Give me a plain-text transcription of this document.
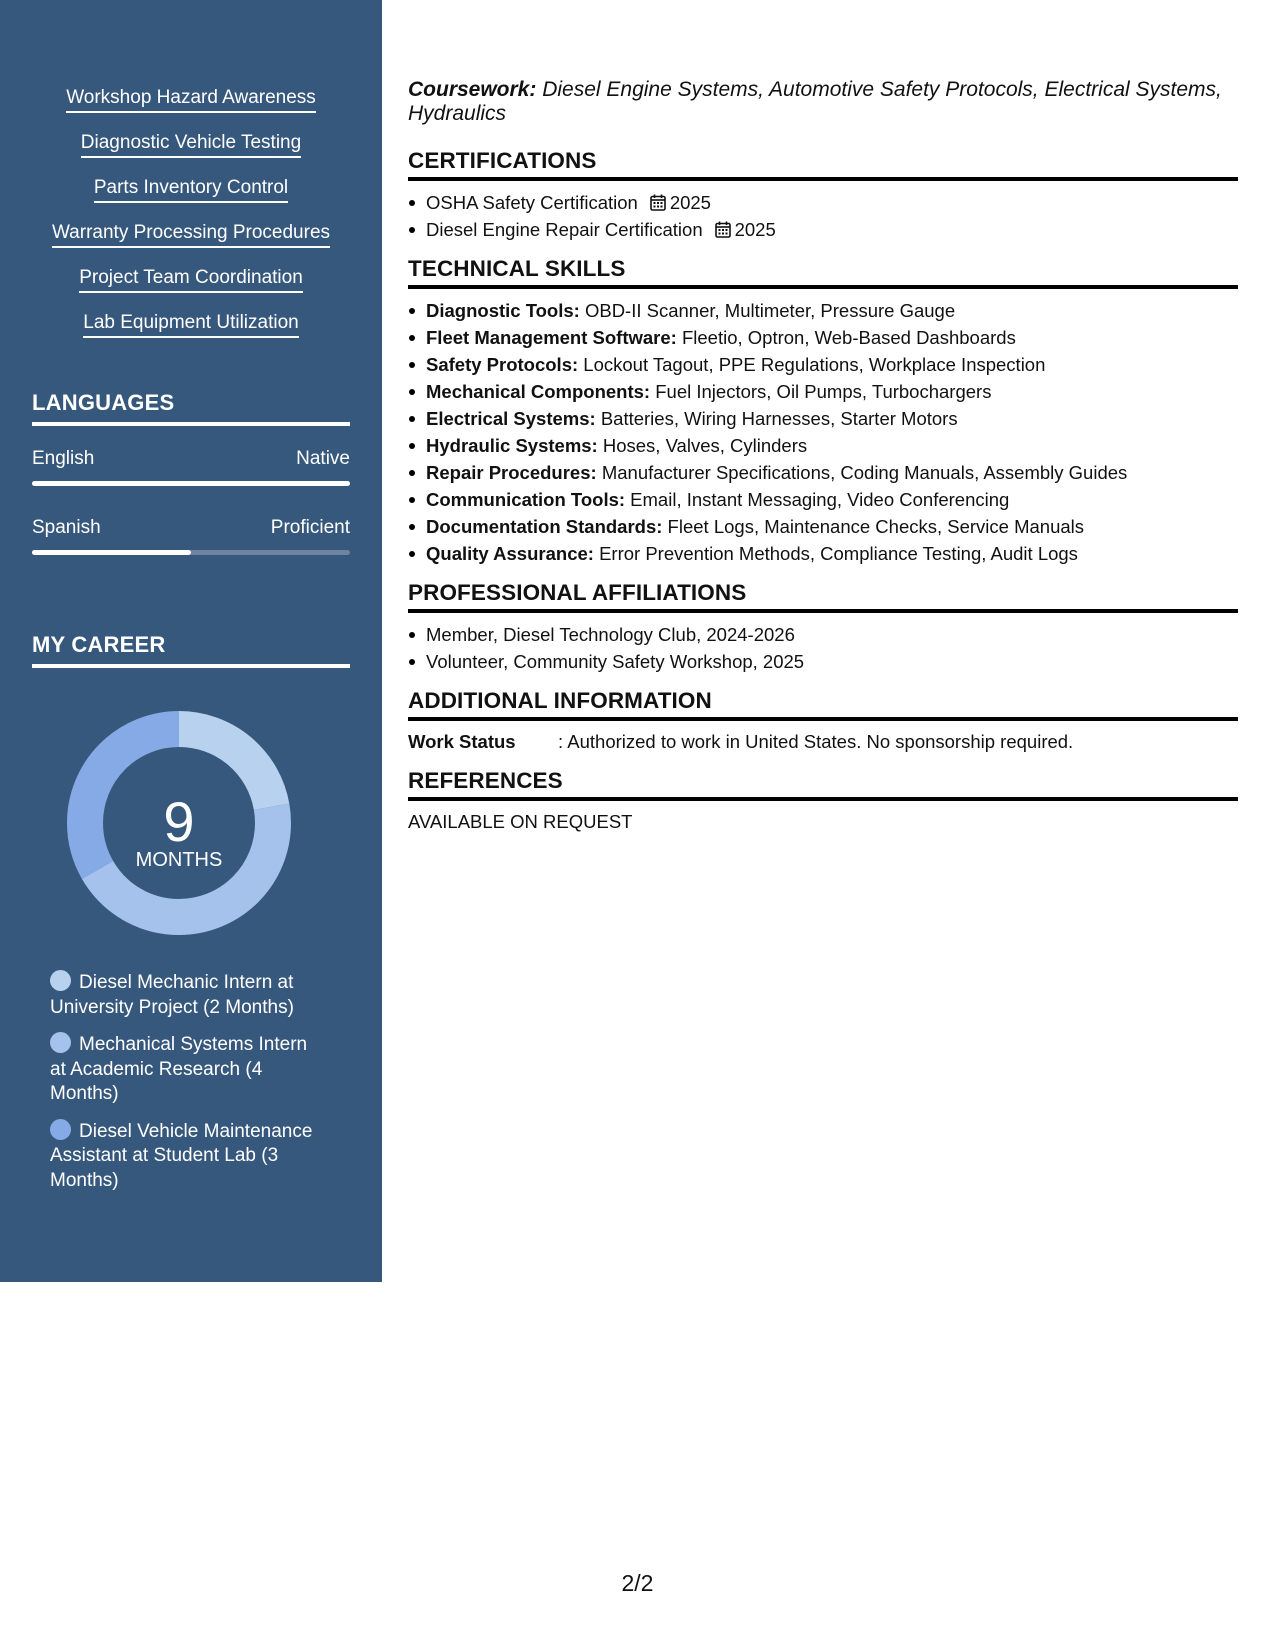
Workshop Hazard Awareness
Diagnostic Vehicle Testing
Parts Inventory Control
Warranty Processing Procedures
Project Team Coordination
Lab Equipment Utilization
LANGUAGES
English	Native
Spanish	Proficient
MY CAREER
9
MONTHS
Diesel Mechanic Intern at University Project (2 Months)
Mechanical Systems Intern at Academic Research (4 Months)
Diesel Vehicle Maintenance Assistant at Student Lab (3 Months)

Coursework: Diesel Engine Systems, Automotive Safety Protocols, Electrical Systems, Hydraulics

CERTIFICATIONS
OSHA Safety Certification 2025
Diesel Engine Repair Certification 2025
TECHNICAL SKILLS
Diagnostic Tools: OBD-II Scanner, Multimeter, Pressure Gauge
Fleet Management Software: Fleetio, Optron, Web-Based Dashboards
Safety Protocols: Lockout Tagout, PPE Regulations, Workplace Inspection
Mechanical Components: Fuel Injectors, Oil Pumps, Turbochargers
Electrical Systems: Batteries, Wiring Harnesses, Starter Motors
Hydraulic Systems: Hoses, Valves, Cylinders
Repair Procedures: Manufacturer Specifications, Coding Manuals, Assembly Guides
Communication Tools: Email, Instant Messaging, Video Conferencing
Documentation Standards: Fleet Logs, Maintenance Checks, Service Manuals
Quality Assurance: Error Prevention Methods, Compliance Testing, Audit Logs
PROFESSIONAL AFFILIATIONS
Member, Diesel Technology Club, 2024-2026
Volunteer, Community Safety Workshop, 2025
ADDITIONAL INFORMATION
Work Status	: Authorized to work in United States. No sponsorship required.
REFERENCES
AVAILABLE ON REQUEST
2/2
